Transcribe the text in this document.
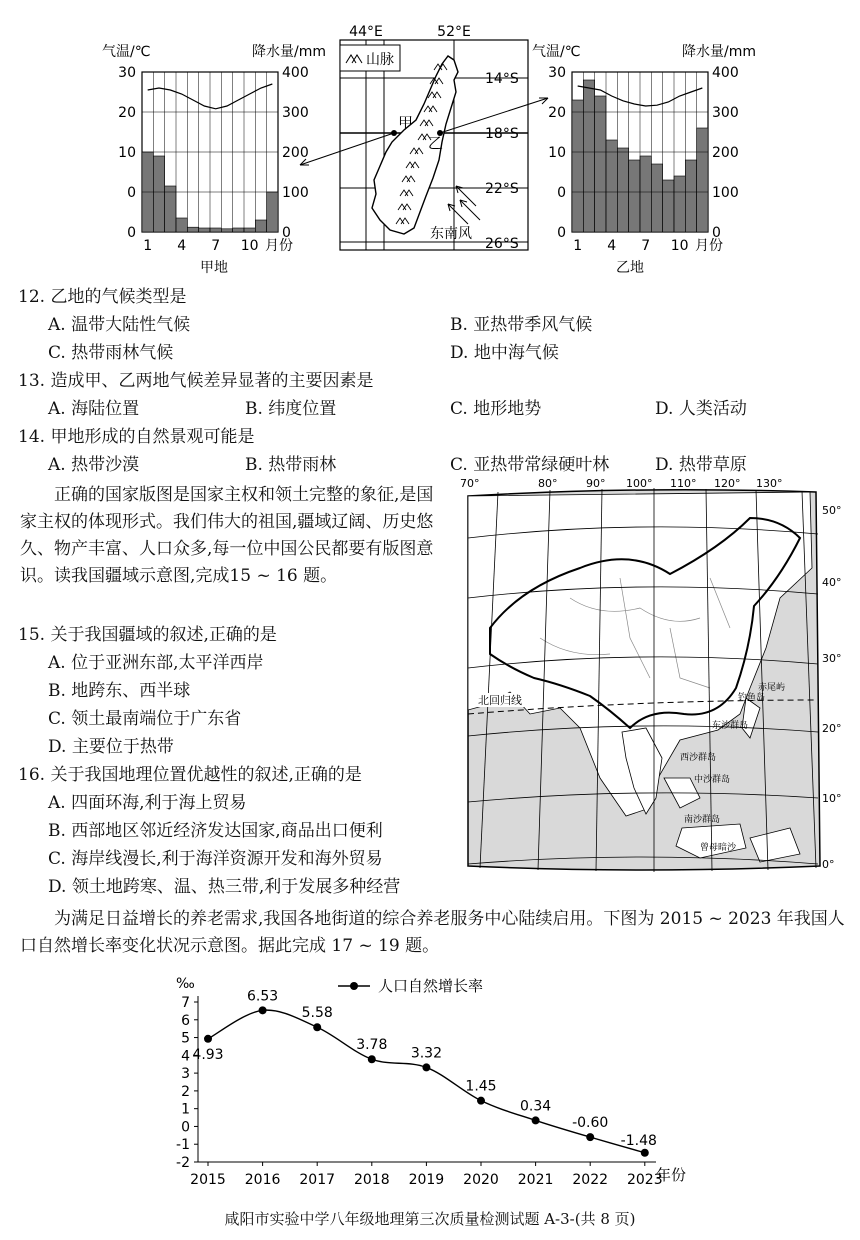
气温/℃	降水量/mm
30
20
10
0
400
300
200
100
0
0
1 4 7 10 月份
甲地
44°E	52°E
山脉
甲
乙
东南风
14°S
18°S
22°S
26°S
气温/℃	降水量/mm
30
20
10
0
400
300
200
100
0
0
1 4 7 10 月份
乙地
12. 乙地的气候类型是
A. 温带大陆性气候	B. 亚热带季风气候
C. 热带雨林气候	D. 地中海气候
13. 造成甲、乙两地气候差异显著的主要因素是
A. 海陆位置	B. 纬度位置	C. 地形地势	D. 人类活动
14. 甲地形成的自然景观可能是
A. 热带沙漠	B. 热带雨林	C. 亚热带常绿硬叶林	D. 热带草原
正确的国家版图是国家主权和领土完整的象征,是国家主权的体现形式。我们伟大的祖国,疆域辽阔、历史悠久、物产丰富、人口众多,每一位中国公民都要有版图意识。读我国疆域示意图,完成15 ~ 16 题。
15. 关于我国疆域的叙述,正确的是
A. 位于亚洲东部,太平洋西岸
B. 地跨东、西半球
C. 领土最南端位于广东省
D. 主要位于热带
16. 关于我国地理位置优越性的叙述,正确的是
A. 四面环海,利于海上贸易
B. 西部地区邻近经济发达国家,商品出口便利
C. 海岸线漫长,利于海洋资源开发和海外贸易
D. 领土地跨寒、温、热三带,利于发展多种经营
70°	80°	90° 100° 110° 120° 130°
50°
40°
30°
20°
10°
0°
北回归线
赤尾屿
钓鱼岛
东沙群岛
西沙群岛
中沙群岛
南沙群岛
曾母暗沙
为满足日益增长的养老需求,我国各地街道的综合养老服务中心陆续启用。下图为 2015 ~ 2023 年我国人口自然增长率变化状况示意图。据此完成 17 ~ 19 题。
‰	人口自然增长率
7
6
5
4
3
2
1
0
-1
-2
4.93
2015
6.53
2016
5.58
2017
3.78
2018
3.32
2019
1.45
2020
0.34
2021
-0.60
2022
-1.48
2023
年份
咸阳市实验中学八年级地理第三次质量检测试题 A-3-(共 8 页)
